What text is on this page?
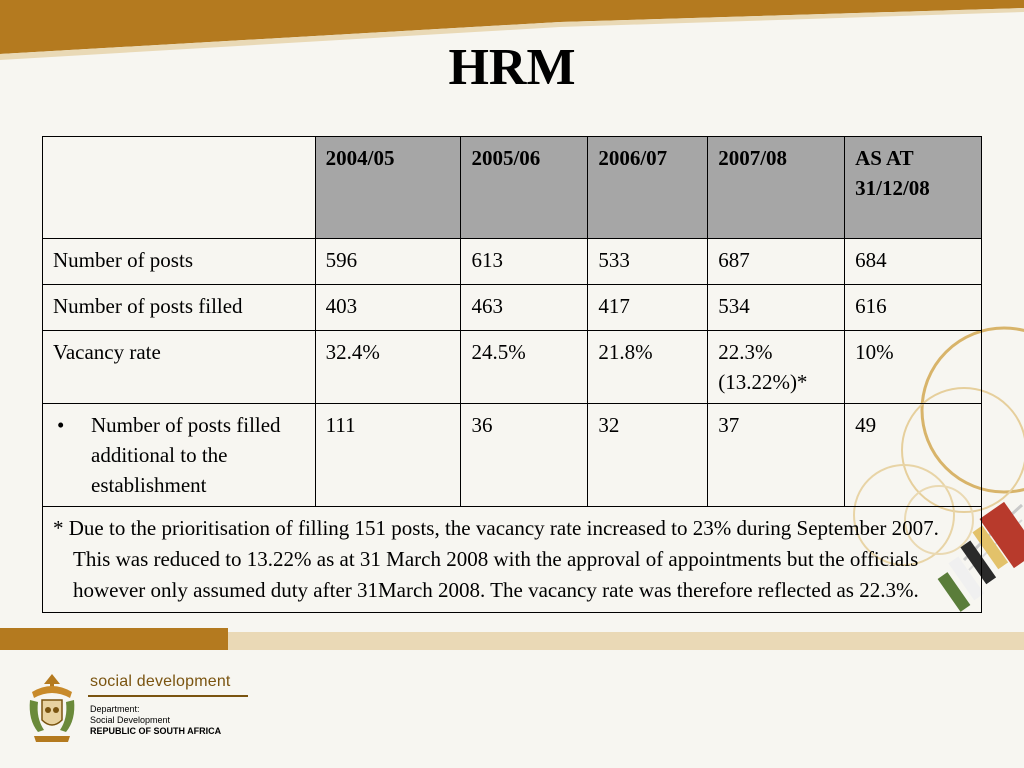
HRM
	2004/05	2005/06	2006/07	2007/08	AS AT 31/12/08
Number of posts	596	613	533	687	684
Number of posts filled	403	463	417	534	616
Vacancy rate	32.4%	24.5%	21.8%	22.3% (13.22%)*	10%

• Number of posts filled additional to the establishment	111	36	32	37	49

* Due to the prioritisation of filling 151 posts, the vacancy rate increased to 23% during September 2007. This was reduced to 13.22% as at 31 March 2008 with the approval of appointments but the officials however only assumed duty after 31March 2008. The vacancy rate was therefore reflected as 22.3%.					
social development
Department:
Social Development
REPUBLIC OF SOUTH AFRICA
